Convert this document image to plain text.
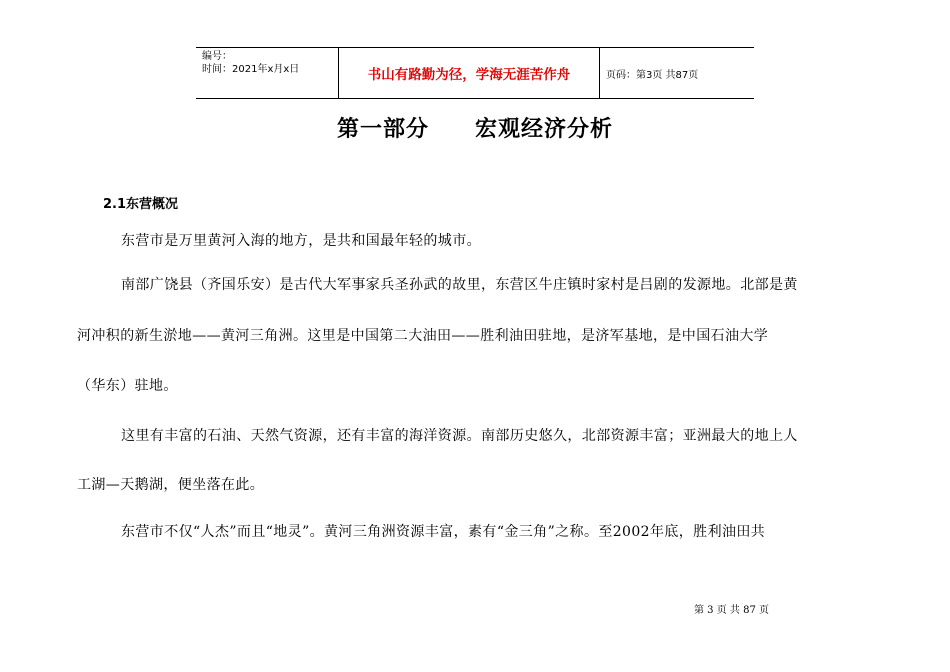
编号：
时间：2021年x月x日	书山有路勤为径，学海无涯苦作舟	页码：第3页 共87页
第一部分　　宏观经济分析
2.1东营概况
东营市是万里黄河入海的地方，是共和国最年轻的城市。
南部广饶县（齐国乐安）是古代大军事家兵圣孙武的故里，东营区牛庄镇时家村是吕剧的发源地。北部是黄
河冲积的新生淤地——黄河三角洲。这里是中国第二大油田——胜利油田驻地，是济军基地，是中国石油大学
（华东）驻地。
这里有丰富的石油、天然气资源，还有丰富的海洋资源。南部历史悠久，北部资源丰富；亚洲最大的地上人
工湖—天鹅湖，便坐落在此。
东营市不仅“人杰”而且“地灵”。黄河三角洲资源丰富，素有“金三角”之称。至2002年底，胜利油田共
第 3 页 共 87 页
